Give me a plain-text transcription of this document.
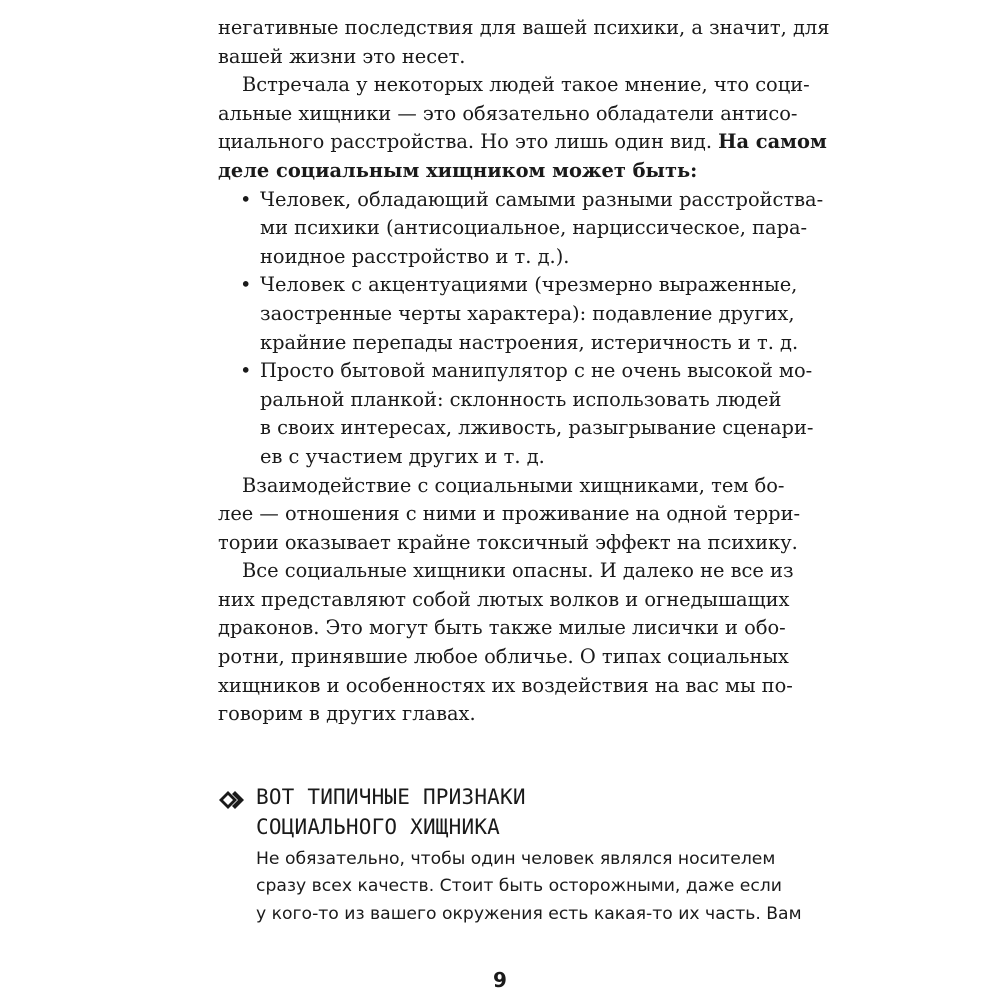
негативные последствия для вашей психики, а значит, для
вашей жизни это несет.
Встречала у некоторых людей такое мнение, что соци-
альные хищники — это обязательно обладатели антисо-
циального расстройства. Но это лишь один вид. На самом
деле социальным хищником может быть:
• Человек, обладающий самыми разными расстройства-
ми психики (антисоциальное, нарциссическое, пара-
ноидное расстройство и т. д.).
• Человек с акцентуациями (чрезмерно выраженные,
заостренные черты характера): подавление других,
крайние перепады настроения, истеричность и т. д.
• Просто бытовой манипулятор с не очень высокой мо-
ральной планкой: склонность использовать людей
в своих интересах, лживость, разыгрывание сценари-
ев с участием других и т. д.
Взаимодействие с социальными хищниками, тем бо-
лее — отношения с ними и проживание на одной терри-
тории оказывает крайне токсичный эффект на психику.
Все социальные хищники опасны. И далеко не все из
них представляют собой лютых волков и огнедышащих
драконов. Это могут быть также милые лисички и обо-
ротни, принявшие любое обличье. О типах социальных
хищников и особенностях их воздействия на вас мы по-
говорим в других главах.
ВОТ ТИПИЧНЫЕ ПРИЗНАКИ
СОЦИАЛЬНОГО ХИЩНИКА
Не обязательно, чтобы один человек являлся носителем
сразу всех качеств. Стоит быть осторожными, даже если
у кого-то из вашего окружения есть какая-то их часть. Вам
9
